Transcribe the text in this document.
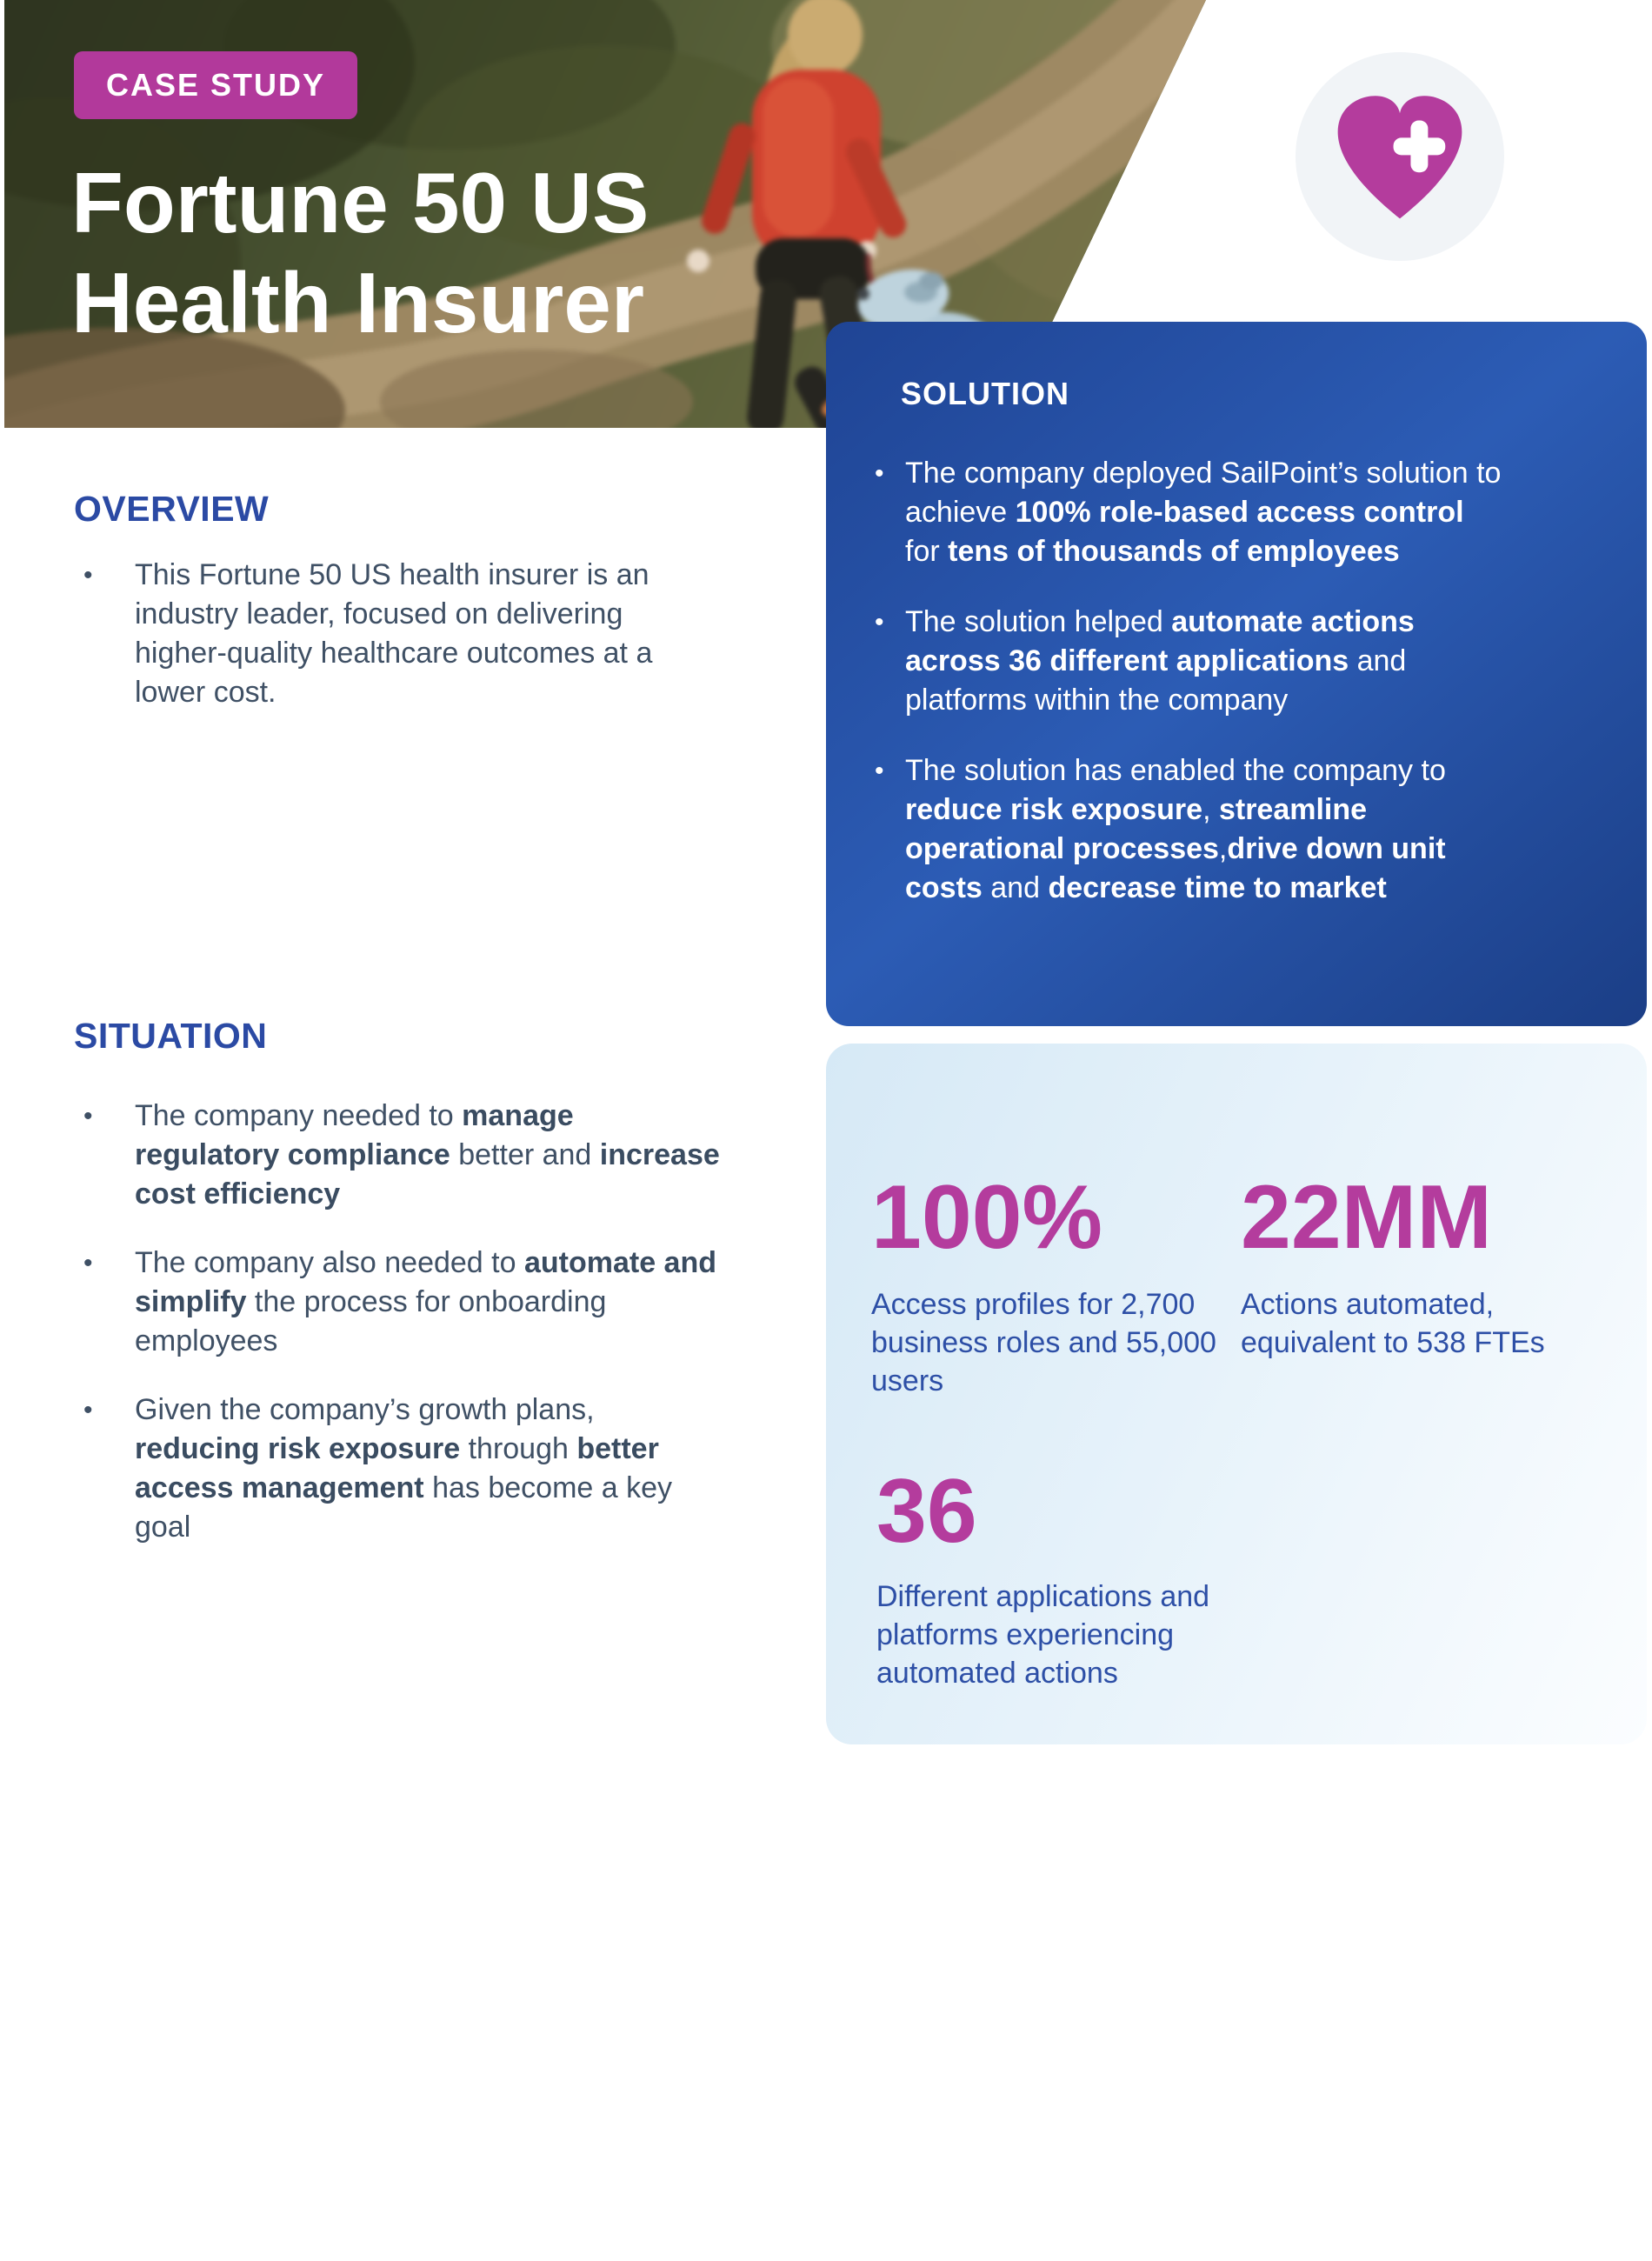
CASE STUDY
Fortune 50 US
Health Insurer
SOLUTION
• The company deployed SailPoint’s solution to achieve 100% role-based access control for tens of thousands of employees

• The solution helped automate actions across 36 different applications and platforms within the company

• The solution has enabled the company to reduce risk exposure, streamline operational processes,drive down unit costs and decrease time to market

OVERVIEW
•	This Fortune 50 US health insurer is an industry leader, focused on delivering higher-quality healthcare outcomes at a lower cost.

SITUATION
•	The company needed to manage regulatory compliance better and increase cost efficiency

•	The company also needed to automate and simplify the process for onboarding employees

•	Given the company’s growth plans, reducing risk exposure through better access management has become a key goal

100%
Access profiles for 2,700 business roles and 55,000 users
22MM
Actions automated, equivalent to 538 FTEs
36
Different applications and platforms experiencing automated actions
